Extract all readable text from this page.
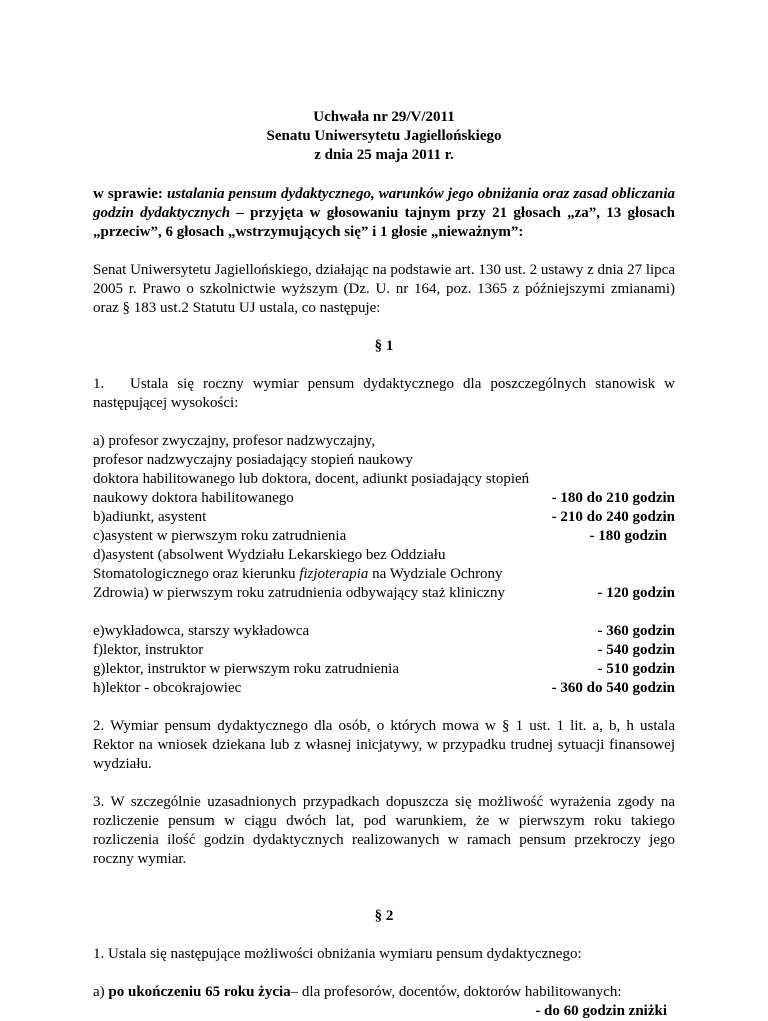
Uchwała nr 29/V/2011

Senatu Uniwersytetu Jagiellońskiego

z dnia 25 maja 2011 r.

w sprawie: ustalania pensum dydaktycznego, warunków jego obniżania oraz zasad obliczania godzin dydaktycznych – przyjęta w głosowaniu tajnym przy 21 głosach „za”, 13 głosach „przeciw”, 6 głosach „wstrzymujących się” i 1 głosie „nieważnym”:

Senat Uniwersytetu Jagiellońskiego, działając na podstawie art. 130 ust. 2 ustawy z dnia 27 lipca 2005 r. Prawo o szkolnictwie wyższym (Dz. U. nr 164, poz. 1365 z późniejszymi zmianami) oraz § 183 ust.2 Statutu UJ ustala, co następuje:

§ 1

1. Ustala się roczny wymiar pensum dydaktycznego dla poszczególnych stanowisk w następującej wysokości:

a) profesor zwyczajny, profesor nadzwyczajny,
profesor nadzwyczajny posiadający stopień naukowy
doktora habilitowanego lub doktora, docent, adiunkt posiadający stopień
naukowy doktora habilitowanego	- 180 do 210 godzin
b)adiunkt, asystent	- 210 do 240 godzin
c)asystent w pierwszym roku zatrudnienia	- 180 godzin
d)asystent (absolwent Wydziału Lekarskiego bez Oddziału
Stomatologicznego oraz kierunku fizjoterapia na Wydziale Ochrony
Zdrowia) w pierwszym roku zatrudnienia odbywający staż kliniczny	- 120 godzin
e)wykładowca, starszy wykładowca	- 360 godzin
f)lektor, instruktor	- 540 godzin
g)lektor, instruktor w pierwszym roku zatrudnienia	- 510 godzin
h)lektor - obcokrajowiec	- 360 do 540 godzin

2. Wymiar pensum dydaktycznego dla osób, o których mowa w § 1 ust. 1 lit. a, b, h ustala Rektor na wniosek dziekana lub z własnej inicjatywy, w przypadku trudnej sytuacji finansowej wydziału.

3. W szczególnie uzasadnionych przypadkach dopuszcza się możliwość wyrażenia zgody na rozliczenie pensum w ciągu dwóch lat, pod warunkiem, że w pierwszym roku takiego rozliczenia ilość godzin dydaktycznych realizowanych w ramach pensum przekroczy jego roczny wymiar.

§ 2

1. Ustala się następujące możliwości obniżania wymiaru pensum dydaktycznego:

a) po ukończeniu 65 roku życia– dla profesorów, docentów, doktorów habilitowanych:

- do 60 godzin zniżki
